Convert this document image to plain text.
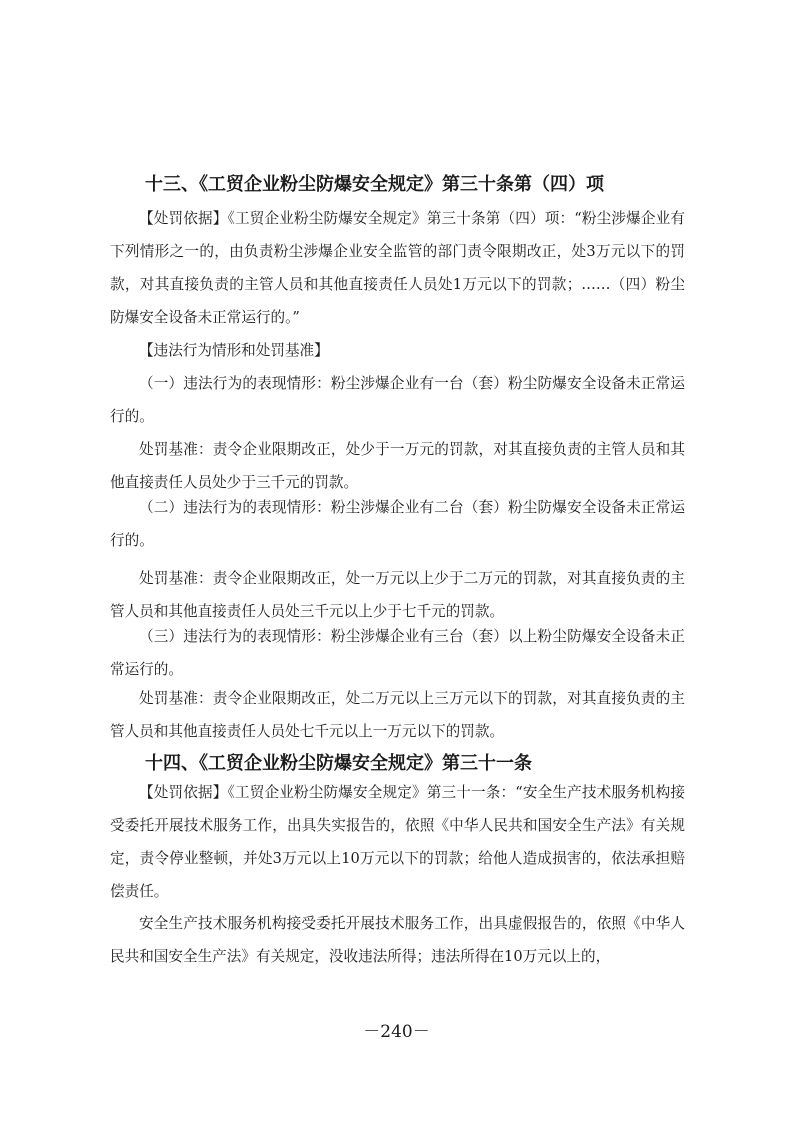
十三、《工贸企业粉尘防爆安全规定》第三十条第（四）项
【处罚依据】《工贸企业粉尘防爆安全规定》第三十条第（四）项：“粉尘涉爆企业有下列情形之一的，由负责粉尘涉爆企业安全监管的部门责令限期改正，处3万元以下的罚款，对其直接负责的主管人员和其他直接责任人员处1万元以下的罚款；……（四）粉尘防爆安全设备未正常运行的。”
【违法行为情形和处罚基准】
（一）违法行为的表现情形：粉尘涉爆企业有一台（套）粉尘防爆安全设备未正常运行的。
处罚基准：责令企业限期改正，处少于一万元的罚款，对其直接负责的主管人员和其他直接责任人员处少于三千元的罚款。
（二）违法行为的表现情形：粉尘涉爆企业有二台（套）粉尘防爆安全设备未正常运行的。
处罚基准：责令企业限期改正，处一万元以上少于二万元的罚款，对其直接负责的主管人员和其他直接责任人员处三千元以上少于七千元的罚款。
（三）违法行为的表现情形：粉尘涉爆企业有三台（套）以上粉尘防爆安全设备未正常运行的。
处罚基准：责令企业限期改正，处二万元以上三万元以下的罚款，对其直接负责的主管人员和其他直接责任人员处七千元以上一万元以下的罚款。
十四、《工贸企业粉尘防爆安全规定》第三十一条
【处罚依据】《工贸企业粉尘防爆安全规定》第三十一条：“安全生产技术服务机构接受委托开展技术服务工作，出具失实报告的，依照《中华人民共和国安全生产法》有关规定，责令停业整顿，并处3万元以上10万元以下的罚款；给他人造成损害的，依法承担赔偿责任。
安全生产技术服务机构接受委托开展技术服务工作，出具虚假报告的，依照《中华人民共和国安全生产法》有关规定，没收违法所得；违法所得在10万元以上的，
－240－
